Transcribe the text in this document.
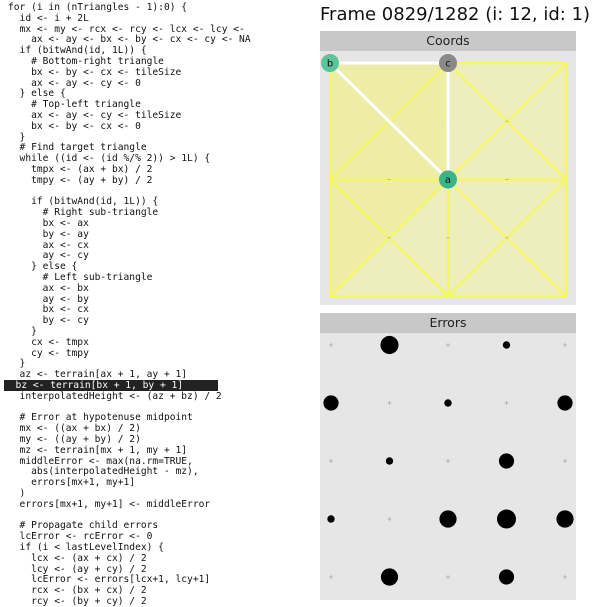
for (i in (nTriangles - 1):0) {
id <- i + 2L
mx <- my <- rcx <- rcy <- lcx <- lcy <-
ax <- ay <- bx <- by <- cx <- cy <- NA
if (bitwAnd(id, 1L)) {
# Bottom-right triangle
bx <- by <- cx <- tileSize
ax <- ay <- cy <- 0
} else {
# Top-left triangle
ax <- ay <- cy <- tileSize
bx <- by <- cx <- 0
}
# Find target triangle
while ((id <- (id %/% 2)) > 1L) {
tmpx <- (ax + bx) / 2
tmpy <- (ay + by) / 2
if (bitwAnd(id, 1L)) {
# Right sub-triangle
bx <- ax
by <- ay
ax <- cx
ay <- cy
} else {
# Left sub-triangle
ax <- bx
ay <- by
bx <- cx
by <- cy
}
cx <- tmpx
cy <- tmpy
}
az <- terrain[ax + 1, ay + 1]
bz <- terrain[bx + 1, by + 1]
interpolatedHeight <- (az + bz) / 2
# Error at hypotenuse midpoint
mx <- ((ax + bx) / 2)
my <- ((ay + by) / 2)
mz <- terrain[mx + 1, my + 1]
middleError <- max(na.rm=TRUE,
abs(interpolatedHeight - mz),
errors[mx+1, my+1]
)
errors[mx+1, my+1] <- middleError
# Propagate child errors
lcError <- rcError <- 0
if (i < lastLevelIndex) {
lcx <- (ax + cx) / 2
lcy <- (ay + cy) / 2
lcError <- errors[lcx+1, lcy+1]
rcx <- (bx + cx) / 2
rcy <- (by + cy) / 2
Frame 0829/1282 (i: 12, id: 1)
Coords
b	c
a
Errors
